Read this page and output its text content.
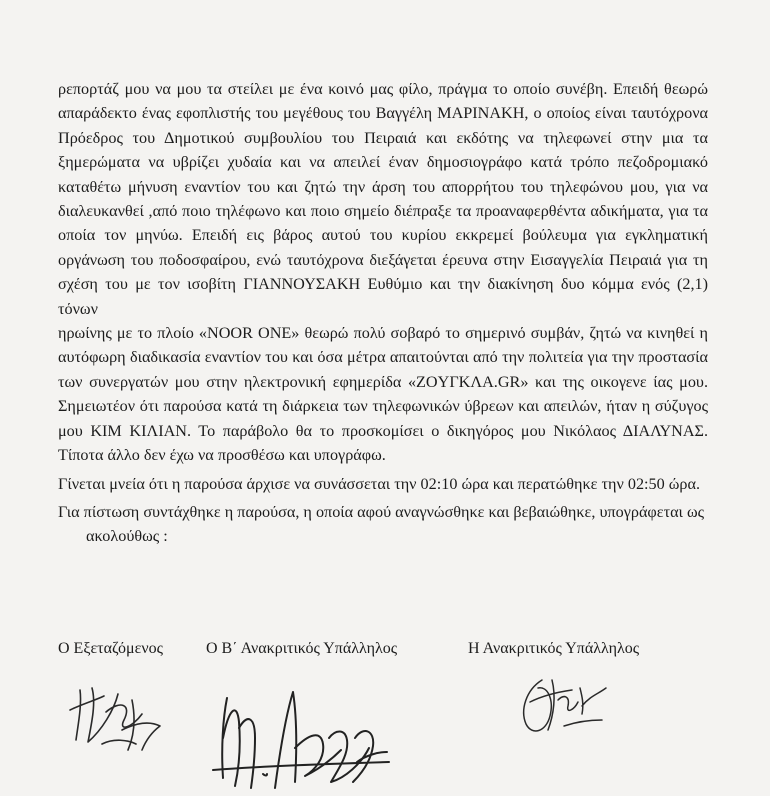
ρεπορτάζ μου να μου τα στείλει με ένα κοινό μας φίλο, πράγμα το οποίο συνέβη. Επειδή θεωρώ
απαράδεκτο ένας εφοπλιστής του μεγέθους του Βαγγέλη ΜΑΡΙΝΑΚΗ, ο οποίος είναι ταυτόχρονα
Πρόεδρος του Δημοτικού συμβουλίου του Πειραιά και εκδότης να τηλεφωνεί στην μια τα
ξημερώματα να υβρίζει χυδαία και να απειλεί έναν δημοσιογράφο κατά τρόπο πεζοδρομιακό
καταθέτω μήνυση εναντίον του και ζητώ την άρση του απορρήτου του τηλεφώνου μου, για να
διαλευκανθεί ,από ποιο τηλέφωνο και ποιο σημείο διέπραξε τα προαναφερθέντα αδικήματα, για τα
οποία τον μηνύω. Επειδή εις βάρος αυτού του κυρίου εκκρεμεί βούλευμα για εγκληματική
οργάνωση του ποδοσφαίρου, ενώ ταυτόχρονα διεξάγεται έρευνα στην Εισαγγελία Πειραιά για τη
σχέση του με τον ισοβίτη ΓΙΑΝΝΟΥΣΑΚΗ Ευθύμιο και την διακίνηση δυο κόμμα ενός (2,1) τόνων
ηρωίνης με το πλοίο «NOOR ONE» θεωρώ πολύ σοβαρό το σημερινό συμβάν, ζητώ να κινηθεί η
αυτόφωρη διαδικασία εναντίον του και όσα μέτρα απαιτούνται από την πολιτεία για την προστασία
των συνεργατών μου στην ηλεκτρονική εφημερίδα «ZOYΓΚΛΑ.GR» και της οικογενε ίας μου.
Σημειωτέον ότι παρούσα κατά τη διάρκεια των τηλεφωνικών ύβρεων και απειλών, ήταν η σύζυγος
μου ΚΙΜ ΚΙΛΙΑΝ. Το παράβολο θα το προσκομίσει ο δικηγόρος μου Νικόλαος ΔΙΑΛΥΝΑΣ.
Τίποτα άλλο δεν έχω να προσθέσω και υπογράφω.
Γίνεται μνεία ότι η παρούσα άρχισε να συνάσσεται την 02:10 ώρα και περατώθηκε την 02:50 ώρα.
Για πίστωση συντάχθηκε η παρούσα, η οποία αφού αναγνώσθηκε και βεβαιώθηκε, υπογράφεται ως
ακολούθως :
Ο Εξεταζόμενος	Ο Β΄ Ανακριτικός Υπάλληλος	Η Ανακριτικός Υπάλληλος
